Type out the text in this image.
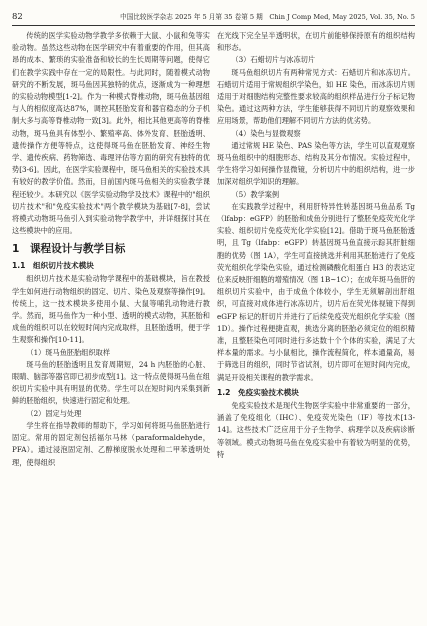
82	中国比较医学杂志 2025 年 5 月第 35 卷第 5 期　Chin J Comp Med, May 2025, Vol. 35, No. 5

传统的医学实验动物学教学多依赖于大鼠、小鼠和兔等实验动物。虽然这些动物在医学研究中有着重要的作用，但其高昂的成本、繁琐的实验准备和较长的生长周期等问题，使得它们在教学实践中存在一定的局限性。与此同时，随着模式动物研究的不断发展，斑马鱼因其独特的优点，逐渐成为一种理想的实验动物模型[1-2]。作为一种模式脊椎动物，斑马鱼基因组与人的相似度高达87%，调控其胚胎发育和器官稳态的分子机制大多与高等脊椎动物一致[3]。此外，相比其他更高等的脊椎动物，斑马鱼具有体型小、繁殖率高、体外发育、胚胎透明、遗传操作方便等特点，这使得斑马鱼在胚胎发育、神经生物学、遗传疾病、药物筛选、毒理评估等方面的研究有独特的优势[3-6]。因此，在医学实验课程中，斑马鱼相关的实验技术具有较好的教学价值。然而，目前国内斑马鱼相关的实验教学课程还较少。本研究以《医学实验动物学及技术》课程中的"组织切片技术"和"免疫实验技术"两个教学模块为基础[7-8]，尝试将模式动物斑马鱼引入到实验动物学教学中，并详细探讨其在这些模块中的应用。

1　课程设计与教学目标

1.1　组织切片技术模块

组织切片技术是实验动物学课程中的基础模块，旨在教授学生如何进行动物组织的固定、切片、染色及观察等操作[9]。传统上，这一技术模块多使用小鼠、大鼠等哺乳动物进行教学。然而，斑马鱼作为一种小型、透明的模式动物，其胚胎和成鱼的组织可以在较短时间内完成取样，且胚胎透明，便于学生观察和操作[10-11]。

（1）斑马鱼胚胎组织取样

斑马鱼的胚胎透明且发育周期短，24 h 内胚胎的心脏、眼睛、脑部等器官即已初步成型[1]。这一特点使得斑马鱼在组织切片实验中具有明显的优势。学生可以在短时间内采集到新鲜的胚胎组织，快速进行固定和处理。

（2）固定与处理

学生将在指导教师的帮助下，学习如何将斑马鱼胚胎进行固定。常用的固定剂包括福尔马林（paraformaldehyde，PFA）。通过浸泡固定剂、乙醇梯度脱水处理和二甲苯透明处理，使得组织

在光线下完全呈半透明状，在切片前能够保持原有的组织结构和形态。

（3）石蜡切片与冰冻切片

斑马鱼组织切片有两种常见方式：石蜡切片和冰冻切片。石蜡切片适用于常规组织学染色，如 HE 染色，而冰冻切片则适用于对细胞结构完整性要求较高的组织样品进行分子标记物染色。通过这两种方法，学生能够获得不同切片的观察效果和应用场景，帮助他们理解不同切片方法的优劣势。

（4）染色与显微观察

通过常规 HE 染色、PAS 染色等方法，学生可以直观观察斑马鱼组织中的细胞形态、结构及其分布情况。实验过程中，学生将学习如何操作显微镜，分析切片中的组织结构，进一步加深对组织学知识的理解。

（5）教学案例

在实践教学过程中，利用肝特异性转基因斑马鱼品系 Tg（lfabp：eGFP）的胚胎和成鱼分别进行了整胚免疫荧光化学实验、组织切片免疫荧光化学实验[12]。借助于斑马鱼胚胎透明，且 Tg（lfabp：eGFP）转基因斑马鱼直接示踪其肝脏细胞的优势（图 1A），学生可直接挑选并利用其胚胎进行了免疫荧光组织化学染色实验，通过检测磷酸化组蛋白 H3 的表达定位来反映肝细胞的增殖情况（图 1B~1C）；在成年斑马鱼肝的组织切片实验中，由于成鱼个体较小，学生无须解剖出肝组织，可直接对成体进行冰冻切片，切片后在荧光体视镜下得到 eGFP 标记的肝切片并进行了后续免疫荧光组织化学实验（图 1D）。操作过程便捷直观，挑选分离的胚胎必须定位的组织精准，且整胚染色可同时进行多达数十个个体的实验，满足了大样本量的需求。与小鼠相比，操作流程简化，样本通量高，易于筛选目的组织，同时节省试剂，切片即可在短时间内完成，满足开设相关课程的教学需求。

1.2　免疫实验技术模块

免疫实验技术是现代生物医学实验中非常重要的一部分，涵盖了免疫组化（IHC）、免疫荧光染色（IF）等技术[13-14]。这些技术广泛应用于分子生物学、病理学以及疾病诊断等领域。模式动物斑马鱼在免疫实验中有着较为明显的优势，特
